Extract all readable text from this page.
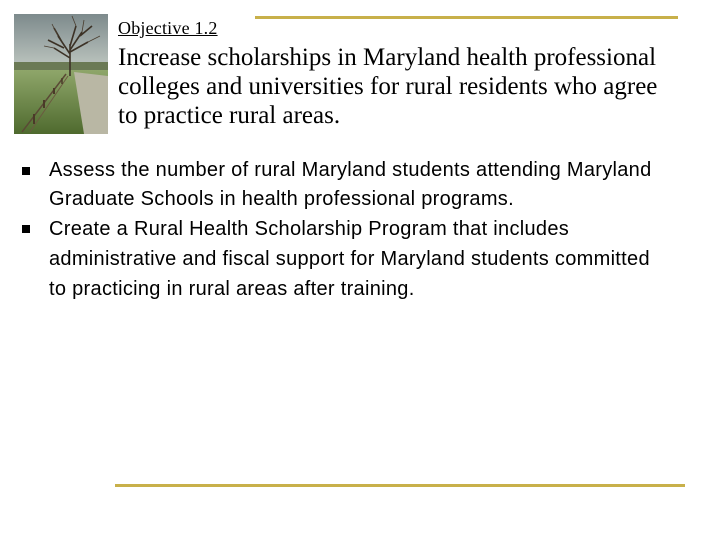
Objective 1.2
Increase scholarships in Maryland health professional colleges and universities for rural residents who agree to practice rural areas.
Assess the number of rural Maryland students attending Maryland Graduate Schools in health professional programs.
Create a Rural Health Scholarship Program that includes administrative and fiscal support for Maryland students committed to practicing in rural areas after training.
